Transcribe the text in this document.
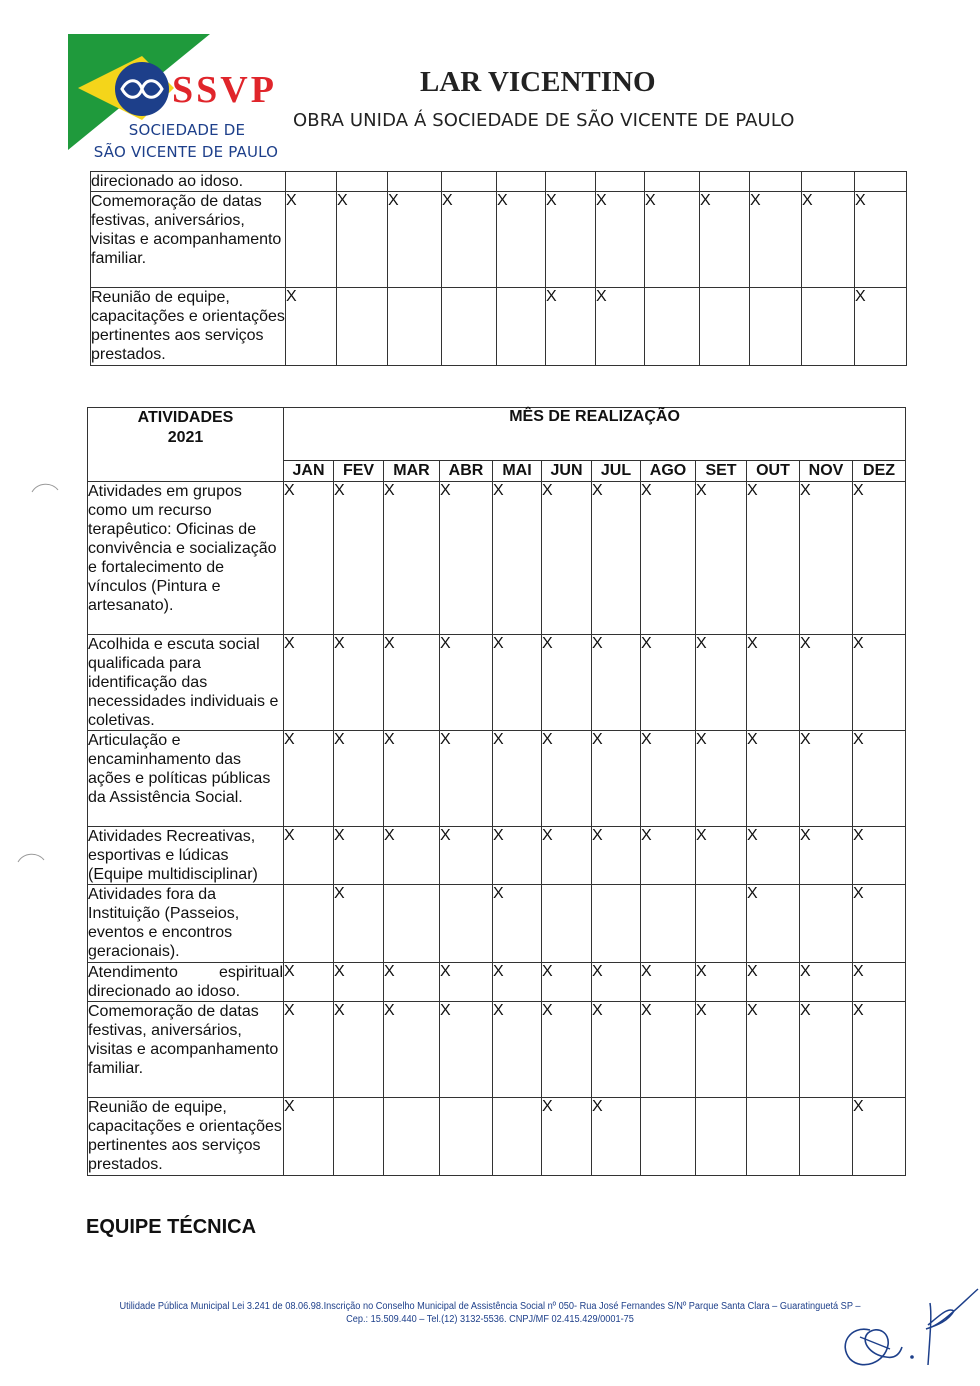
SSVP
SOCIEDADE DE
SÃO VICENTE DE PAULO
LAR VICENTINO
OBRA UNIDA Á SOCIEDADE DE SÃO VICENTE DE PAULO
direcionado ao idoso.												
Comemoração de datas festivas, aniversários, visitas e acompanhamento familiar.	X	X	X	X	X	X	X	X	X	X	X	X
Reunião de equipe, capacitações e orientações pertinentes aos serviços prestados.	X					X	X					X
ATIVIDADES
2021	MÊS DE REALIZAÇÃO											
	JAN	FEV	MAR	ABR	MAI	JUN	JUL	AGO	SET	OUT	NOV	DEZ
Atividades em grupos como um recurso terapêutico: Oficinas de convivência e socialização e fortalecimento de vínculos (Pintura e artesanato).	X	X	X	X	X	X	X	X	X	X	X	X
Acolhida e escuta social qualificada para identificação das necessidades individuais e coletivas.	X	X	X	X	X	X	X	X	X	X	X	X
Articulação e encaminhamento das ações e políticas públicas da Assistência Social.	X	X	X	X	X	X	X	X	X	X	X	X
Atividades Recreativas, esportivas e lúdicas (Equipe multidisciplinar)	X	X	X	X	X	X	X	X	X	X	X	X
Atividades fora da Instituição (Passeios, eventos e encontros geracionais).		X			X					X		X

Atendimento espiritual direcionado ao idoso.	X	X	X	X	X	X	X	X	X	X	X	X
Comemoração de datas festivas, aniversários, visitas e acompanhamento familiar.	X	X	X	X	X	X	X	X	X	X	X	X
Reunião de equipe, capacitações e orientações pertinentes aos serviços prestados.	X					X	X					X
EQUIPE TÉCNICA
Utilidade Pública Municipal Lei 3.241 de 08.06.98.Inscrição no Conselho Municipal de Assistência Social nº 050- Rua José Fernandes S/Nº Parque Santa Clara – Guaratinguetá SP –
Cep.: 15.509.440 – Tel.(12) 3132-5536. CNPJ/MF 02.415.429/0001-75
